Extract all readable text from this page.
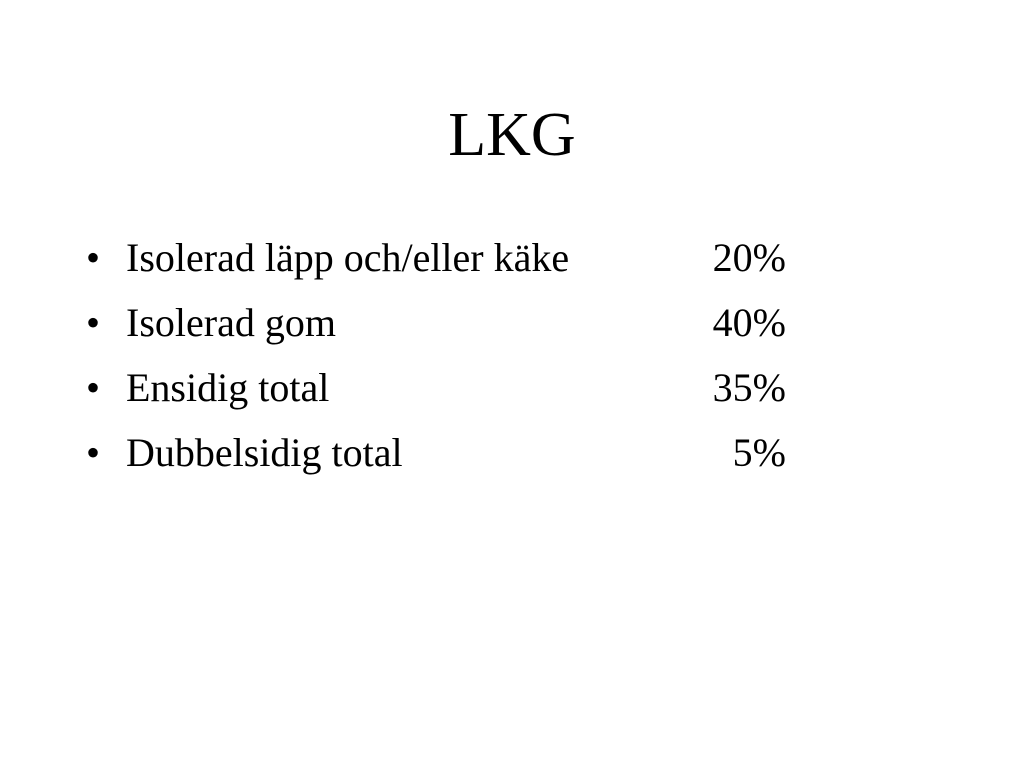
LKG
• Isolerad läpp och/eller käke	20%
• Isolerad gom	40%
• Ensidig total	35%
• Dubbelsidig total	5%
